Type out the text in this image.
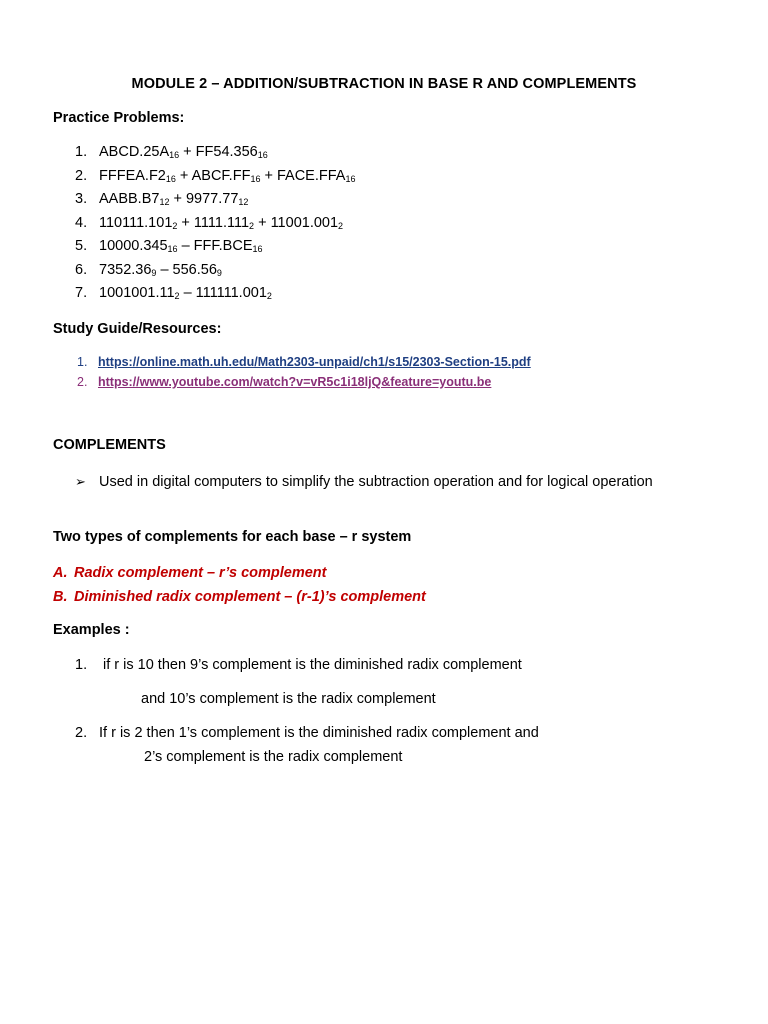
MODULE 2 – ADDITION/SUBTRACTION IN BASE R AND COMPLEMENTS
Practice Problems:
1. $ABCD.25A_{16} + FF54.356_{16}$
2. $FFFEA.F2_{16}$ + $ABCF.FF_{16}$ + $FACE.FFA_{16}$
3. $AABB.B7_{12} + 9977.77_{12}$
4. $110111.101_2 + 1111.111_2 + 11001.001_2$
5. $10000.345_{16} - FFF.BCE_{16}$
6. $7352.36_9 - 556.56_9$
7. $1001001.11_2 - 111111.001_2$
Study Guide/Resources:
1. https://online.math.uh.edu/Math2303-unpaid/ch1/s15/2303-Section-15.pdf
2. https://www.youtube.com/watch?v=vR5c1i18ljQ&feature=youtu.be
COMPLEMENTS
➢ Used in digital computers to simplify the subtraction operation and for logical operation
Two types of complements for each base – r system
A. Radix complement – r’s complement
B. Diminished radix complement – (r-1)’s complement
Examples :
1. if r is 10 then 9’s complement is the diminished radix complement
and 10’s complement is the radix complement
2. If r is 2 then 1’s complement is the diminished radix complement and
2’s complement is the radix complement
